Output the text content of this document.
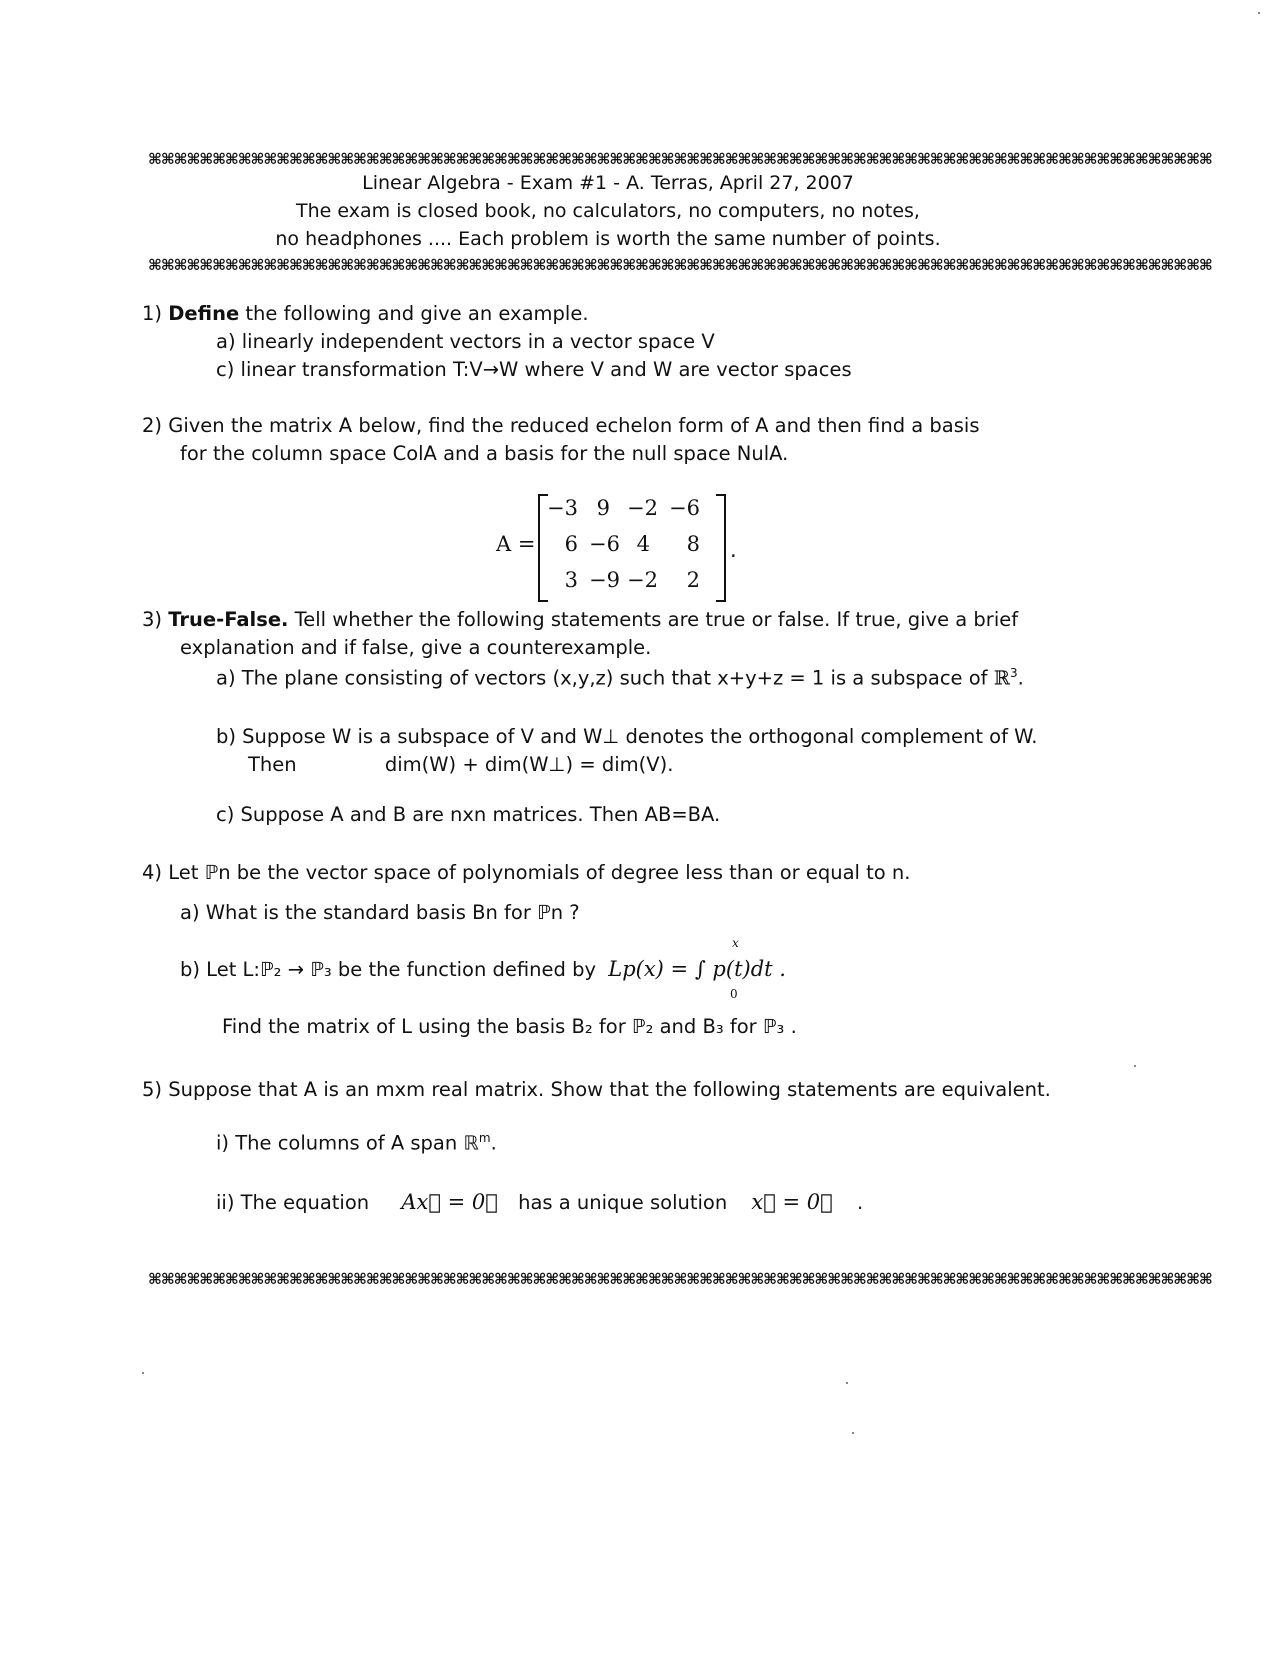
⌘⌘⌘⌘⌘⌘⌘⌘⌘⌘⌘⌘⌘⌘⌘⌘⌘⌘⌘⌘⌘⌘⌘⌘⌘⌘⌘⌘⌘⌘⌘⌘⌘⌘⌘⌘⌘⌘⌘⌘⌘⌘⌘⌘⌘⌘⌘⌘⌘⌘⌘⌘⌘⌘⌘⌘⌘⌘⌘⌘⌘⌘⌘⌘⌘⌘⌘⌘⌘⌘⌘⌘⌘⌘⌘⌘⌘⌘⌘⌘⌘⌘⌘
Linear Algebra - Exam #1 - A. Terras, April 27, 2007
The exam is closed book, no calculators, no computers, no notes,
no headphones .... Each problem is worth the same number of points.
⌘⌘⌘⌘⌘⌘⌘⌘⌘⌘⌘⌘⌘⌘⌘⌘⌘⌘⌘⌘⌘⌘⌘⌘⌘⌘⌘⌘⌘⌘⌘⌘⌘⌘⌘⌘⌘⌘⌘⌘⌘⌘⌘⌘⌘⌘⌘⌘⌘⌘⌘⌘⌘⌘⌘⌘⌘⌘⌘⌘⌘⌘⌘⌘⌘⌘⌘⌘⌘⌘⌘⌘⌘⌘⌘⌘⌘⌘⌘⌘⌘⌘⌘
1) Define the following and give an example.
a) linearly independent vectors in a vector space V
c) linear transformation T:V→W where V and W are vector spaces
2) Given the matrix A below, find the reduced echelon form of A and then find a basis
for the column space ColA and a basis for the null space NulA.
A =	.
−3 9 −2 −6
6 −6 4	8
3 −9 −2	2
3) True-False. Tell whether the following statements are true or false. If true, give a brief
explanation and if false, give a counterexample.
a) The plane consisting of vectors (x,y,z) such that x+y+z = 1 is a subspace of ℝ$^3$.
b) Suppose W is a subspace of V and W⊥ denotes the orthogonal complement of W.
Then	dim(W) + dim(W⊥) = dim(V).
c) Suppose A and B are nxn matrices. Then AB=BA.
4) Let ℙn be the vector space of polynomials of degree less than or equal to n.
a) What is the standard basis Bn for ℙn ?
x
b) Let L:ℙ₂ → ℙ₃ be the function defined by Lp(x) = ∫ p(t)dt .
0
Find the matrix of L using the basis B₂ for ℙ₂ and B₃ for ℙ₃ .
5) Suppose that A is an mxm real matrix. Show that the following statements are equivalent.
i) The columns of A span ℝ$^m$.
ii) The equation Ax⃗ = 0⃗ has a unique solution x⃗ = 0⃗ .
⌘⌘⌘⌘⌘⌘⌘⌘⌘⌘⌘⌘⌘⌘⌘⌘⌘⌘⌘⌘⌘⌘⌘⌘⌘⌘⌘⌘⌘⌘⌘⌘⌘⌘⌘⌘⌘⌘⌘⌘⌘⌘⌘⌘⌘⌘⌘⌘⌘⌘⌘⌘⌘⌘⌘⌘⌘⌘⌘⌘⌘⌘⌘⌘⌘⌘⌘⌘⌘⌘⌘⌘⌘⌘⌘⌘⌘⌘⌘⌘⌘⌘⌘
